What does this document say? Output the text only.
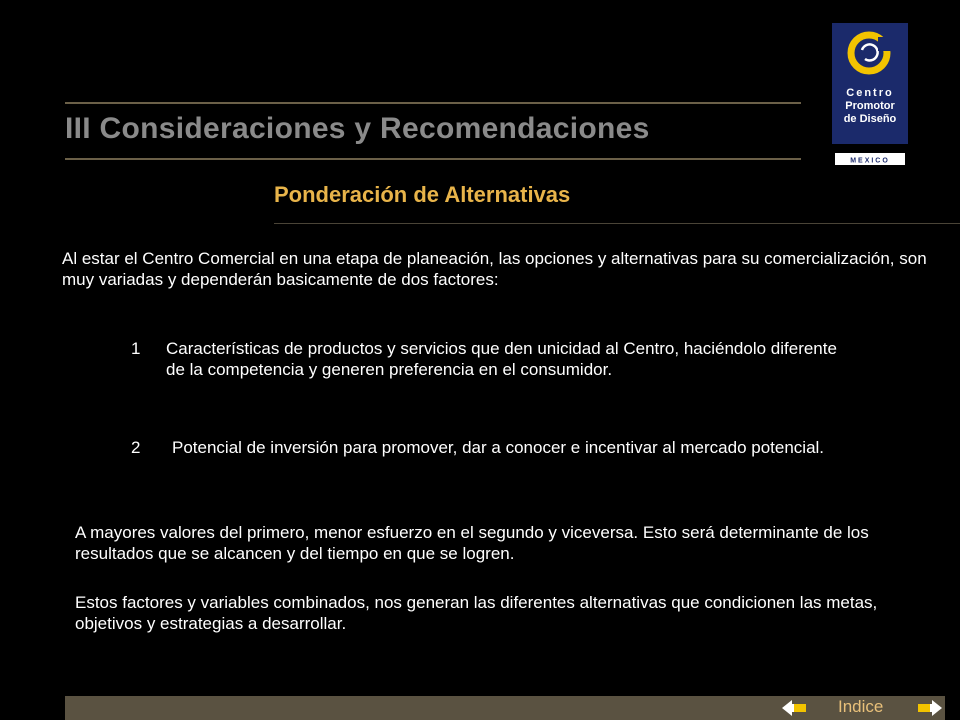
III Consideraciones y Recomendaciones
Centro
Promotor
de Diseño
MEXICO
Ponderación de Alternativas
Al estar el Centro Comercial en una etapa de planeación, las opciones y alternativas para su comercialización, son muy variadas y dependerán basicamente de dos factores:
1 Características de productos y servicios que den unicidad al Centro, haciéndolo diferente de la competencia y generen preferencia en el consumidor.
2 Potencial de inversión para promover, dar a conocer e incentivar al mercado potencial.
A mayores valores del primero, menor esfuerzo en el segundo y viceversa. Esto será determinante de los resultados que se alcancen y del tiempo en que se logren.
Estos factores y variables combinados, nos generan las diferentes alternativas que condicionen las metas, objetivos y estrategias a desarrollar.
Indice
